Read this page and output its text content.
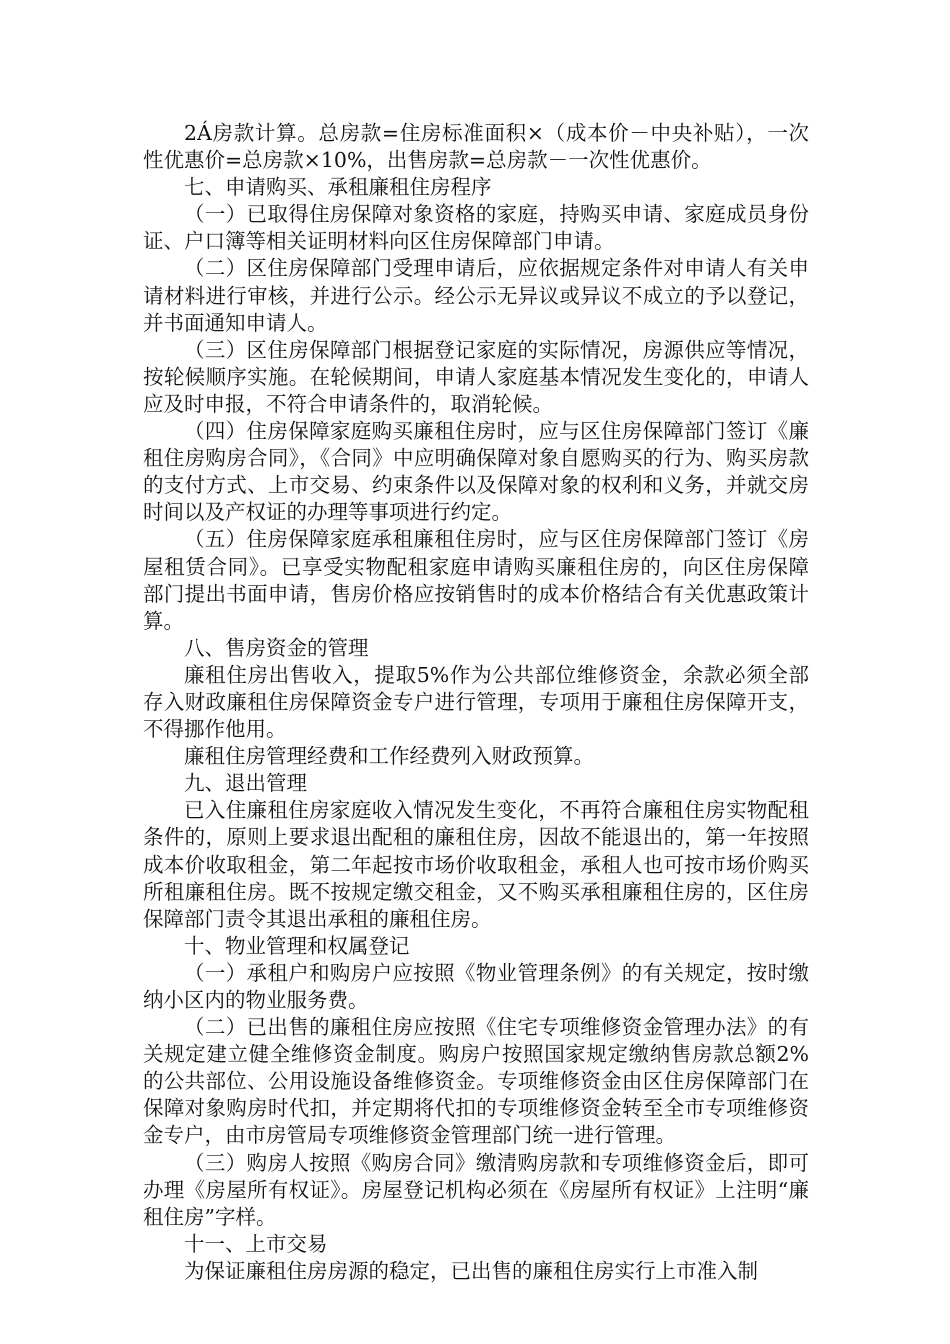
2Á房款计算。总房款=住房标准面积×（成本价－中央补贴），一次性优惠价=总房款×10%，出售房款=总房款－一次性优惠价。

七、申请购买、承租廉租住房程序

（一）已取得住房保障对象资格的家庭，持购买申请、家庭成员身份证、户口簿等相关证明材料向区住房保障部门申请。

（二）区住房保障部门受理申请后，应依据规定条件对申请人有关申请材料进行审核，并进行公示。经公示无异议或异议不成立的予以登记，并书面通知申请人。

（三）区住房保障部门根据登记家庭的实际情况，房源供应等情况，按轮候顺序实施。在轮候期间，申请人家庭基本情况发生变化的，申请人应及时申报，不符合申请条件的，取消轮候。

（四）住房保障家庭购买廉租住房时，应与区住房保障部门签订《廉租住房购房合同》，《合同》中应明确保障对象自愿购买的行为、购买房款的支付方式、上市交易、约束条件以及保障对象的权利和义务，并就交房时间以及产权证的办理等事项进行约定。

（五）住房保障家庭承租廉租住房时，应与区住房保障部门签订《房屋租赁合同》。已享受实物配租家庭申请购买廉租住房的，向区住房保障部门提出书面申请，售房价格应按销售时的成本价格结合有关优惠政策计算。

八、售房资金的管理

廉租住房出售收入，提取5%作为公共部位维修资金，余款必须全部存入财政廉租住房保障资金专户进行管理，专项用于廉租住房保障开支，不得挪作他用。

廉租住房管理经费和工作经费列入财政预算。

九、退出管理

已入住廉租住房家庭收入情况发生变化，不再符合廉租住房实物配租条件的，原则上要求退出配租的廉租住房，因故不能退出的，第一年按照成本价收取租金，第二年起按市场价收取租金，承租人也可按市场价购买所租廉租住房。既不按规定缴交租金，又不购买承租廉租住房的，区住房保障部门责令其退出承租的廉租住房。

十、物业管理和权属登记

（一）承租户和购房户应按照《物业管理条例》的有关规定，按时缴纳小区内的物业服务费。

（二）已出售的廉租住房应按照《住宅专项维修资金管理办法》的有关规定建立健全维修资金制度。购房户按照国家规定缴纳售房款总额2%的公共部位、公用设施设备维修资金。专项维修资金由区住房保障部门在保障对象购房时代扣，并定期将代扣的专项维修资金转至全市专项维修资金专户，由市房管局专项维修资金管理部门统一进行管理。

（三）购房人按照《购房合同》缴清购房款和专项维修资金后，即可办理《房屋所有权证》。房屋登记机构必须在《房屋所有权证》上注明“廉租住房”字样。

十一、上市交易

为保证廉租住房房源的稳定，已出售的廉租住房实行上市准入制
